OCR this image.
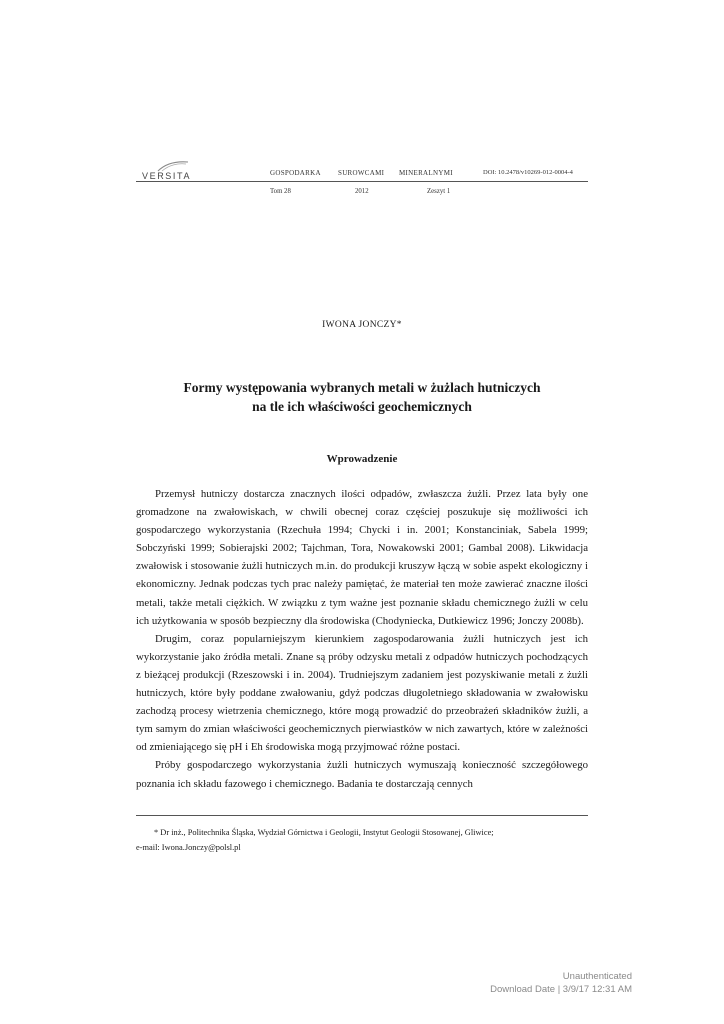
VERSITA	GOSPODARKA SUROWCAMI MINERALNYMI	DOI: 10.2478/v10269-012-0004-4
Tom 28	2012	Zeszyt 1
IWONA JONCZY*
Formy występowania wybranych metali w żużlach hutniczych
na tle ich właściwości geochemicznych
Wprowadzenie

Przemysł hutniczy dostarcza znacznych ilości odpadów, zwłaszcza żużli. Przez lata były one gromadzone na zwałowiskach, w chwili obecnej coraz częściej poszukuje się możliwości ich gospodarczego wykorzystania (Rzechuła 1994; Chycki i in. 2001; Konstanciniak, Sabela 1999; Sobczyński 1999; Sobierajski 2002; Tajchman, Tora, Nowakowski 2001; Gambal 2008). Likwidacja zwałowisk i stosowanie żużli hutniczych m.in. do produkcji kruszyw łączą w sobie aspekt ekologiczny i ekonomiczny. Jednak podczas tych prac należy pamiętać, że materiał ten może zawierać znaczne ilości metali, także metali ciężkich. W związku z tym ważne jest poznanie składu chemicznego żużli w celu ich użytkowania w sposób bezpieczny dla środowiska (Chodyniecka, Dutkiewicz 1996; Jonczy 2008b).

Drugim, coraz popularniejszym kierunkiem zagospodarowania żużli hutniczych jest ich wykorzystanie jako źródła metali. Znane są próby odzysku metali z odpadów hutniczych pochodzących z bieżącej produkcji (Rzeszowski i in. 2004). Trudniejszym zadaniem jest pozyskiwanie metali z żużli hutniczych, które były poddane zwałowaniu, gdyż podczas długoletniego składowania w zwałowisku zachodzą procesy wietrzenia chemicznego, które mogą prowadzić do przeobrażeń składników żużli, a tym samym do zmian właściwości geochemicznych pierwiastków w nich zawartych, które w zależności od zmieniającego się pH i Eh środowiska mogą przyjmować różne postaci.

Próby gospodarczego wykorzystania żużli hutniczych wymuszają konieczność szczegółowego poznania ich składu fazowego i chemicznego. Badania te dostarczają cennych

* Dr inż., Politechnika Śląska, Wydział Górnictwa i Geologii, Instytut Geologii Stosowanej, Gliwice;
e-mail: Iwona.Jonczy@polsl.pl
Unauthenticated
Download Date | 3/9/17 12:31 AM
